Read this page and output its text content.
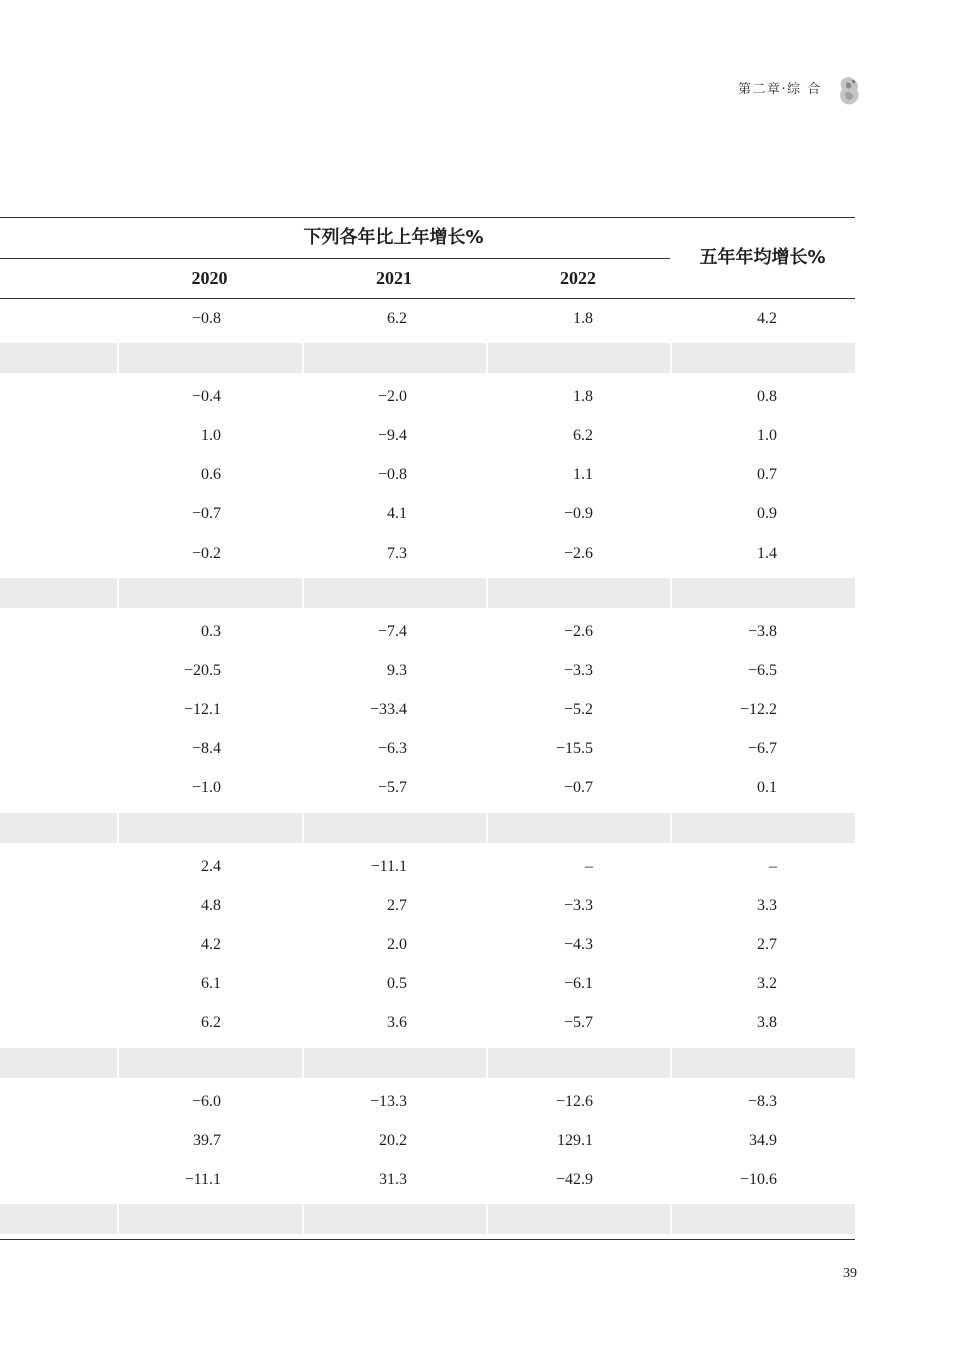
第二章·综 合
下列各年比上年增长%
五年年均增长%
2020	2021	2022
−0.8	6.2	1.8	4.2
−0.4	−2.0	1.8	0.8
1.0	−9.4	6.2	1.0
0.6	−0.8	1.1	0.7
−0.7	4.1	−0.9	0.9
−0.2	7.3	−2.6	1.4
0.3	−7.4	−2.6	−3.8
−20.5	9.3	−3.3	−6.5
−12.1	−33.4	−5.2	−12.2
−8.4	−6.3	−15.5	−6.7
−1.0	−5.7	−0.7	0.1
2.4	−11.1	–	–
4.8	2.7	−3.3	3.3
4.2	2.0	−4.3	2.7
6.1	0.5	−6.1	3.2
6.2	3.6	−5.7	3.8
−6.0	−13.3	−12.6	−8.3
39.7	20.2	129.1	34.9
−11.1	31.3	−42.9	−10.6
39
